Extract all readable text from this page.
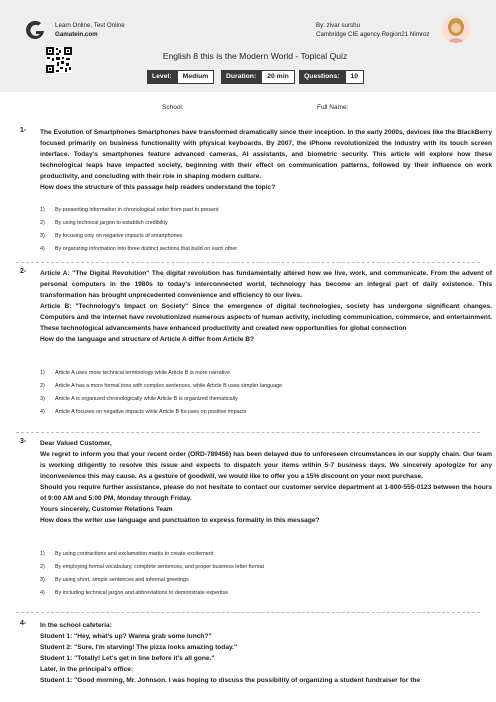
Learn Online, Test Online
Gamatein.com
By: zivar surshu
Cambridge CIE agency Region21 Nimroz
English 8 this is the Modern World - Topical Quiz
Level:	Medium	Duration:	20 min	Questions:	10
School:	Full Name:
1- The Evolution of Smartphones Smartphones have transformed dramatically since their inception. In the early 2000s, devices like the BlackBerry focused primarily on business functionality with physical keyboards. By 2007, the iPhone revolutionized the industry with its touch screen interface. Today's smartphones feature advanced cameras, AI assistants, and biometric security. This article will explore how these technological leaps have impacted society, beginning with their effect on communication patterns, followed by their influence on work productivity, and concluding with their role in shaping modern culture.

How does the structure of this passage help readers understand the topic?

1)	By presenting information in chronological order from past to present
2)	By using technical jargon to establish credibility
3)	By focusing only on negative impacts of smartphones
4)	By organizing information into three distinct sections that build on each other
2- Article A: "The Digital Revolution" The digital revolution has fundamentally altered how we live, work, and communicate. From the advent of personal computers in the 1980s to today's interconnected world, technology has become an integral part of daily existence. This transformation has brought unprecedented convenience and efficiency to our lives.

Article B: "Technology's Impact on Society" Since the emergence of digital technologies, society has undergone significant changes. Computers and the internet have revolutionized numerous aspects of human activity, including communication, commerce, and entertainment. These technological advancements have enhanced productivity and created new opportunities for global connection

How do the language and structure of Article A differ from Article B?

1)	Article A uses more technical terminology while Article B is more narrative
2)	Article A has a more formal tone with complex sentences, while Article B uses simpler language
3)	Article A is organized chronologically while Article B is organized thematically
4)	Article A focuses on negative impacts while Article B focuses on positive impacts
3- Dear Valued Customer,

We regret to inform you that your recent order (ORD-789456) has been delayed due to unforeseen circumstances in our supply chain. Our team is working diligently to resolve this issue and expects to dispatch your items within 5-7 business days. We sincerely apologize for any inconvenience this may cause. As a gesture of goodwill, we would like to offer you a 15% discount on your next purchase.

Should you require further assistance, please do not hesitate to contact our customer service department at 1-800-555-0123 between the hours of 9:00 AM and 5:00 PM, Monday through Friday.

Yours sincerely, Customer Relations Team

How does the writer use language and punctuation to express formality in this message?

1)	By using contractions and exclamation marks to create excitement
2)	By employing formal vocabulary, complete sentences, and proper business letter format
3)	By using short, simple sentences and informal greetings
4)	By including technical jargon and abbreviations to demonstrate expertise
4- In the school cafeteria:

Student 1: "Hey, what's up? Wanna grab some lunch?"

Student 2: "Sure, I'm starving! The pizza looks amazing today."

Student 1: "Totally! Let's get in line before it's all gone."

Later, in the principal's office:

Student 1: "Good morning, Mr. Johnson. I was hoping to discuss the possibility of organizing a student fundraiser for the
